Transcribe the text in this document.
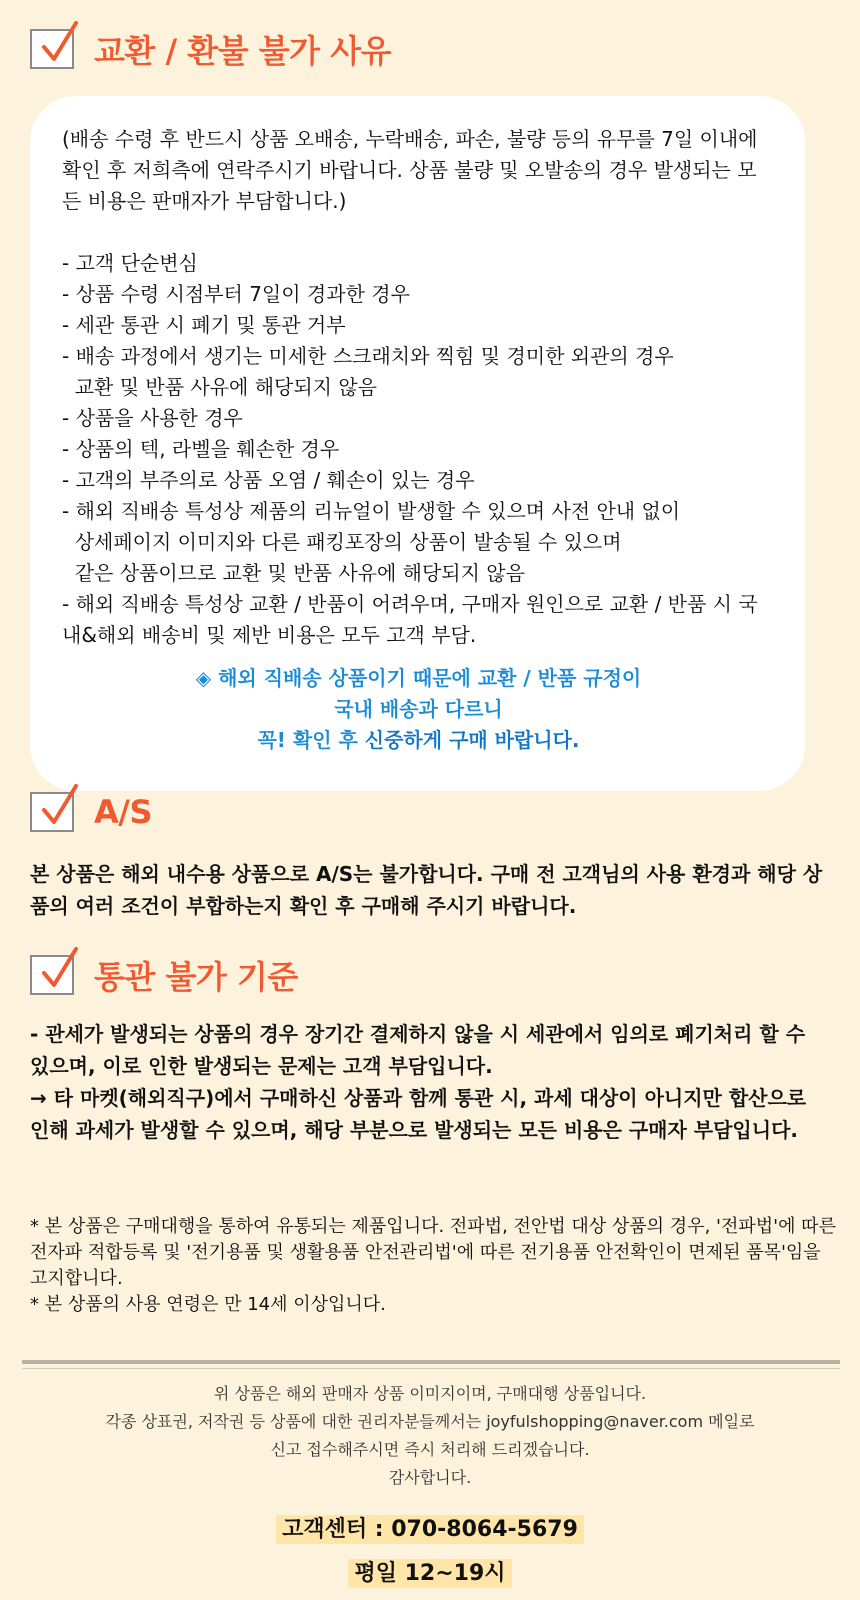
교환 / 환불 불가 사유

(배송 수령 후 반드시 상품 오배송, 누락배송, 파손, 불량 등의 유무를 7일 이내에 확인 후 저희측에 연락주시기 바랍니다. 상품 불량 및 오발송의 경우 발생되는 모든 비용은 판매자가 부담합니다.)

- 고객 단순변심
- 상품 수령 시점부터 7일이 경과한 경우
- 세관 통관 시 폐기 및 통관 거부
- 배송 과정에서 생기는 미세한 스크래치와 찍힘 및 경미한 외관의 경우
교환 및 반품 사유에 해당되지 않음
- 상품을 사용한 경우
- 상품의 텍, 라벨을 훼손한 경우
- 고객의 부주의로 상품 오염 / 훼손이 있는 경우
- 해외 직배송 특성상 제품의 리뉴얼이 발생할 수 있으며 사전 안내 없이
상세페이지 이미지와 다른 패킹포장의 상품이 발송될 수 있으며
같은 상품이므로 교환 및 반품 사유에 해당되지 않음
- 해외 직배송 특성상 교환 / 반품이 어려우며, 구매자 원인으로 교환 / 반품 시 국내&해외 배송비 및 제반 비용은 모두 고객 부담.
◈ 해외 직배송 상품이기 때문에 교환 / 반품 규정이
국내 배송과 다르니
꼭! 확인 후 신중하게 구매 바랍니다.
A/S

본 상품은 해외 내수용 상품으로 A/S는 불가합니다. 구매 전 고객님의 사용 환경과 해당 상품의 여러 조건이 부합하는지 확인 후 구매해 주시기 바랍니다.

통관 불가 기준

- 관세가 발생되는 상품의 경우 장기간 결제하지 않을 시 세관에서 임의로 폐기처리 할 수 있으며, 이로 인한 발생되는 문제는 고객 부담입니다.

→ 타 마켓(해외직구)에서 구매하신 상품과 함께 통관 시, 과세 대상이 아니지만 합산으로 인해 과세가 발생할 수 있으며, 해당 부분으로 발생되는 모든 비용은 구매자 부담입니다.

* 본 상품은 구매대행을 통하여 유통되는 제품입니다. 전파법, 전안법 대상 상품의 경우, '전파법'에 따른 전자파 적합등록 및 '전기용품 및 생활용품 안전관리법'에 따른 전기용품 안전확인이 면제된 품목'임을 고지합니다.

* 본 상품의 사용 연령은 만 14세 이상입니다.

위 상품은 해외 판매자 상품 이미지이며, 구매대행 상품입니다.
각종 상표권, 저작권 등 상품에 대한 권리자분들께서는 joyfulshopping@naver.com 메일로
신고 접수해주시면 즉시 처리해 드리겠습니다.
감사합니다.
고객센터 : 070-8064-5679
평일 12~19시
